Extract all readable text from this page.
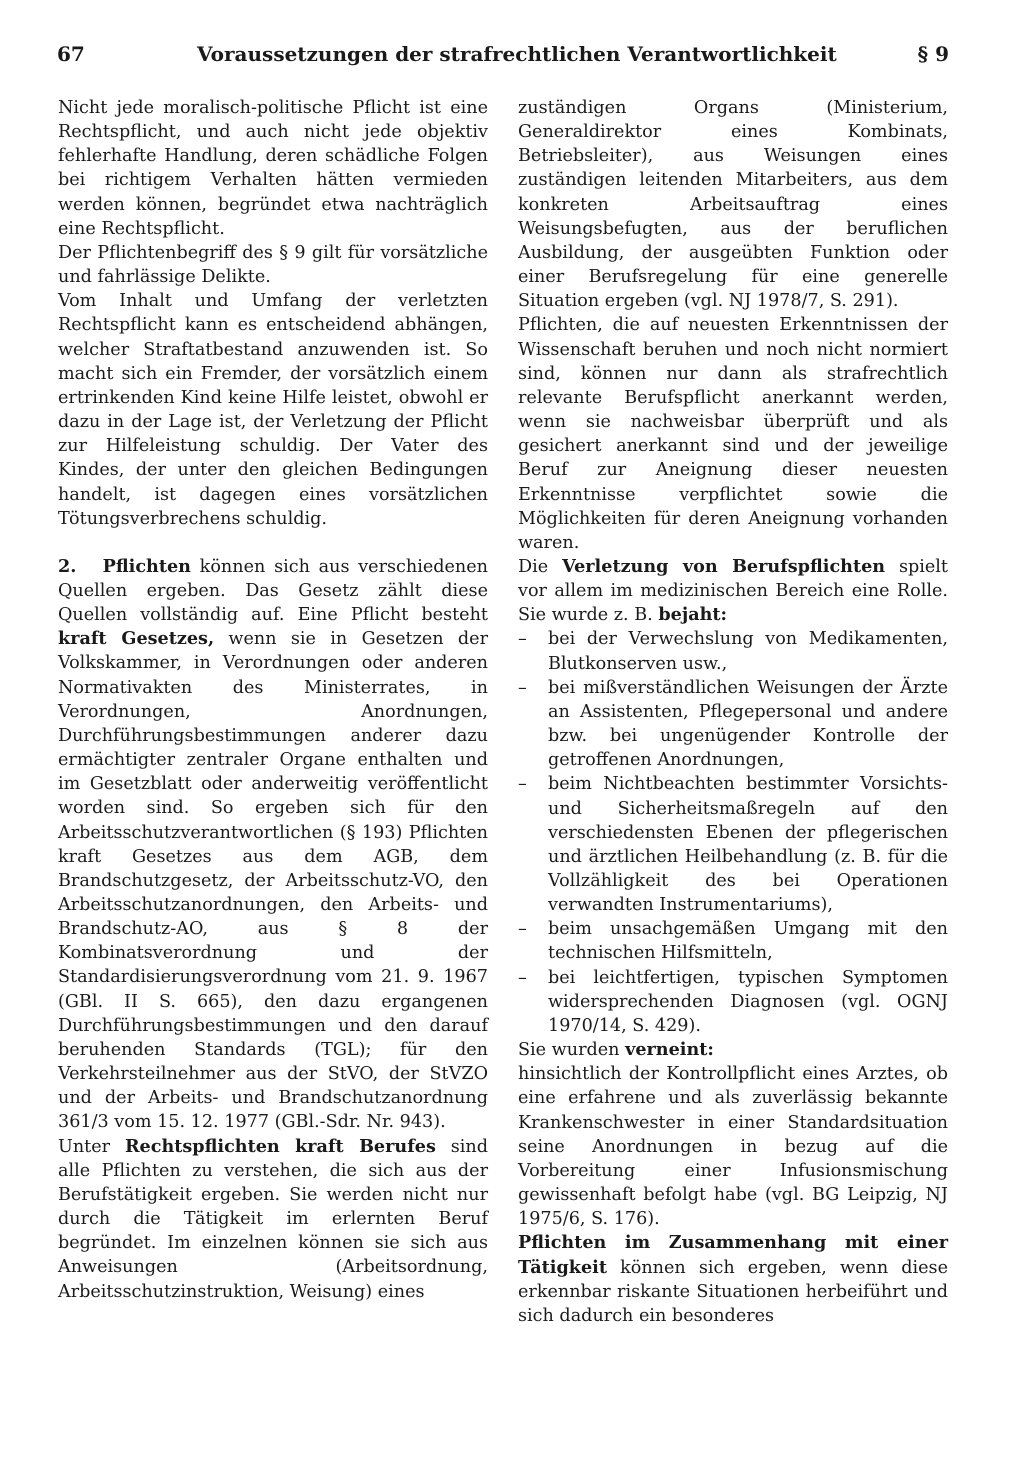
67	Voraussetzungen der strafrechtlichen Verantwortlichkeit	§ 9

Nicht jede moralisch-politische Pflicht ist eine Rechtspflicht, und auch nicht jede objektiv fehlerhafte Handlung, deren schädliche Folgen bei richtigem Verhalten hätten vermieden werden können, begründet etwa nachträglich eine Rechtspflicht.

Der Pflichtenbegriff des § 9 gilt für vorsätzliche und fahrlässige Delikte.

Vom Inhalt und Umfang der verletzten Rechtspflicht kann es entscheidend abhängen, welcher Straftatbestand anzuwenden ist. So macht sich ein Fremder, der vorsätzlich einem ertrinkenden Kind keine Hilfe leistet, obwohl er dazu in der Lage ist, der Verletzung der Pflicht zur Hilfeleistung schuldig. Der Vater des Kindes, der unter den gleichen Bedingungen handelt, ist dagegen eines vorsätzlichen Tötungsverbrechens schuldig.

2. Pflichten können sich aus verschiedenen Quellen ergeben. Das Gesetz zählt diese Quellen vollständig auf. Eine Pflicht besteht kraft Gesetzes, wenn sie in Gesetzen der Volkskammer, in Verordnungen oder anderen Normativakten des Ministerrates, in Verordnungen, Anordnungen, Durchführungsbestimmungen anderer dazu ermächtigter zentraler Organe enthalten und im Gesetzblatt oder anderweitig veröffentlicht worden sind. So ergeben sich für den Arbeitsschutzverantwortlichen (§ 193) Pflichten kraft Gesetzes aus dem AGB, dem Brandschutzgesetz, der Arbeitsschutz-VO, den Arbeitsschutzanordnungen, den Arbeits- und Brandschutz-AO, aus § 8 der Kombinatsverordnung und der Standardisierungsverordnung vom 21. 9. 1967 (GBl. II S. 665), den dazu ergangenen Durchführungsbestimmungen und den darauf beruhenden Standards (TGL); für den Verkehrsteilnehmer aus der StVO, der StVZO und der Arbeits- und Brandschutzanordnung 361/3 vom 15. 12. 1977 (GBl.-Sdr. Nr. 943).

Unter Rechtspflichten kraft Berufes sind alle Pflichten zu verstehen, die sich aus der Berufstätigkeit ergeben. Sie werden nicht nur durch die Tätigkeit im erlernten Beruf begründet. Im einzelnen können sie sich aus Anweisungen (Arbeitsordnung, Arbeitsschutzinstruktion, Weisung) eines

zuständigen Organs (Ministerium, Generaldirektor eines Kombinats, Betriebsleiter), aus Weisungen eines zuständigen leitenden Mitarbeiters, aus dem konkreten Arbeitsauftrag eines Weisungsbefugten, aus der beruflichen Ausbildung, der ausgeübten Funktion oder einer Berufsregelung für eine generelle Situation ergeben (vgl. NJ 1978/7, S. 291).

Pflichten, die auf neuesten Erkenntnissen der Wissenschaft beruhen und noch nicht normiert sind, können nur dann als strafrechtlich relevante Berufspflicht anerkannt werden, wenn sie nachweisbar überprüft und als gesichert anerkannt sind und der jeweilige Beruf zur Aneignung dieser neuesten Erkenntnisse verpflichtet sowie die Möglichkeiten für deren Aneignung vorhanden waren.

Die Verletzung von Berufspflichten spielt vor allem im medizinischen Bereich eine Rolle. Sie wurde z. B. bejaht:

– bei der Verwechslung von Medikamenten, Blutkonserven usw.,

– bei mißverständlichen Weisungen der Ärzte an Assistenten, Pflegepersonal und andere bzw. bei ungenügender Kontrolle der getroffenen Anordnungen,

– beim Nichtbeachten bestimmter Vorsichts- und Sicherheitsmaßregeln auf den verschiedensten Ebenen der pflegerischen und ärztlichen Heilbehandlung (z. B. für die Vollzähligkeit des bei Operationen verwandten Instrumentariums),

– beim unsachgemäßen Umgang mit den technischen Hilfsmitteln,

– bei leichtfertigen, typischen Symptomen widersprechenden Diagnosen (vgl. OGNJ 1970/14, S. 429).

Sie wurden verneint:

hinsichtlich der Kontrollpflicht eines Arztes, ob eine erfahrene und als zuverlässig bekannte Krankenschwester in einer Standardsituation seine Anordnungen in bezug auf die Vorbereitung einer Infusionsmischung gewissenhaft befolgt habe (vgl. BG Leipzig, NJ 1975/6, S. 176).

Pflichten im Zusammenhang mit einer Tätigkeit können sich ergeben, wenn diese erkennbar riskante Situationen herbeiführt und sich dadurch ein besonderes
